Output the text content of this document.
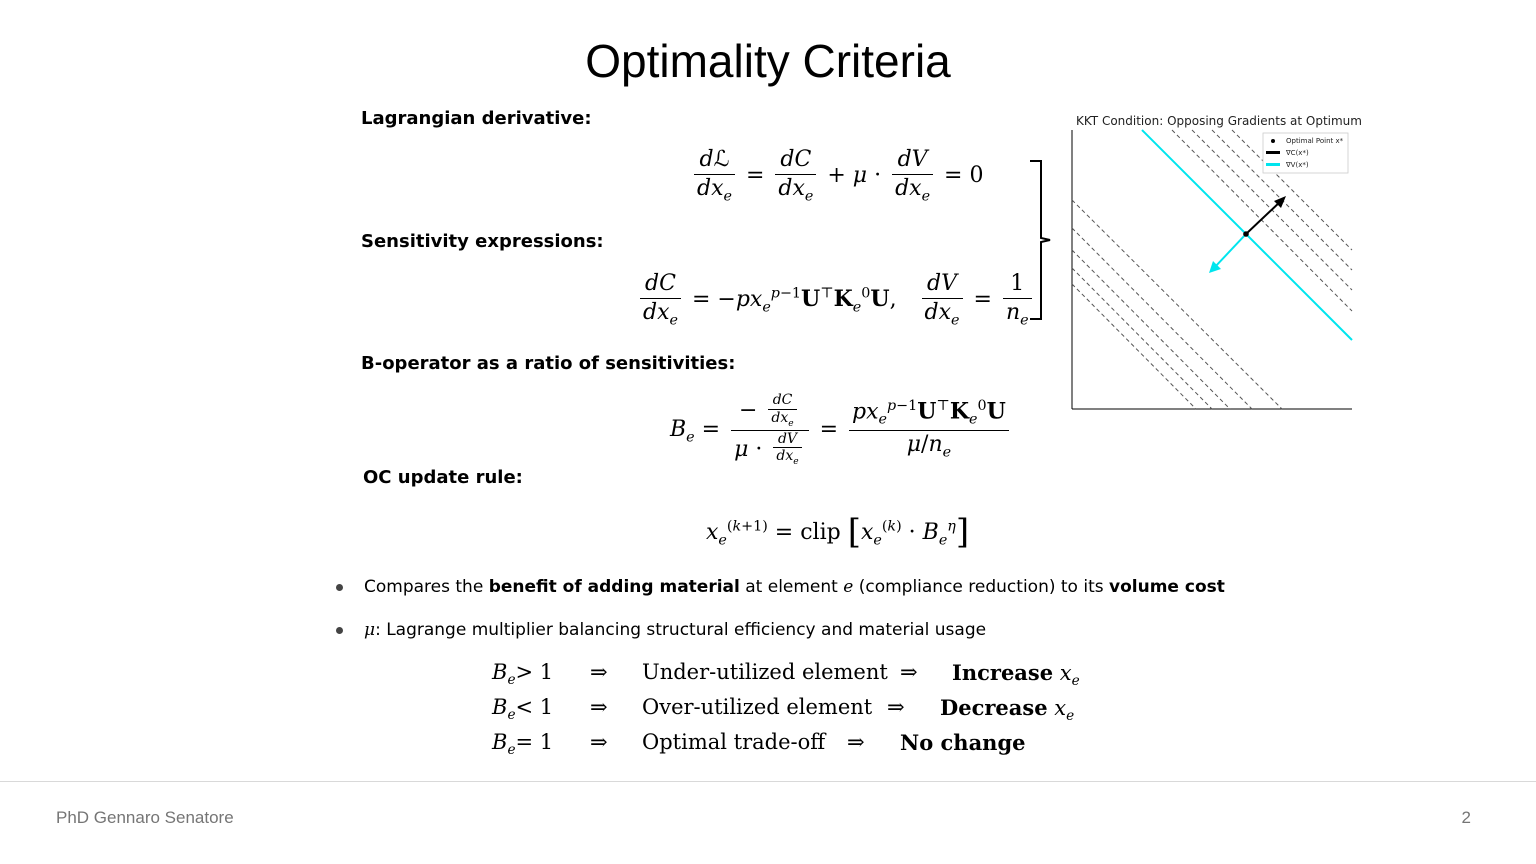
Optimality Criteria
Lagrangian derivative:
$\frac{\text{dℒ}}{dx_e} = \frac{dC}{dx_e} + \mu \cdot \frac{dV}{dx_e} = 0$
Sensitivity expressions:
$\frac{dC}{dx_e} = -px_e^{p-1}U^⊤K_e^0U$, $\frac{dV}{dx_e} = \frac{1}{n_e}$
B-operator as a ratio of sensitivities:
$B_e = \frac{- \frac{dC}{dx_e}}{\mu \cdot \frac{dV}{dx_e}} = \frac{px_e^{p-1}U^⊤K_e^0U}{\mu/n_e}$
OC update rule:
$x_e^{(k+1)}$ = clip $[x_e^{(k)} \cdot B_e^\eta]$
Compares the benefit of adding material at element e (compliance reduction) to its volume cost
μ: Lagrange multiplier balancing structural efficiency and material usage
$B_e > 1$ ⇒ Under-utilized element ⇒ Increase $x_e$
$B_e < 1$ ⇒ Over-utilized element ⇒ Decrease $x_e$
$B_e = 1$ ⇒ Optimal trade-off ⇒ No change
KKT Condition: Opposing Gradients at Optimum
Optimal Point x*
∇C(x*)
∇V(x*)
PhD Gennaro Senatore	2
